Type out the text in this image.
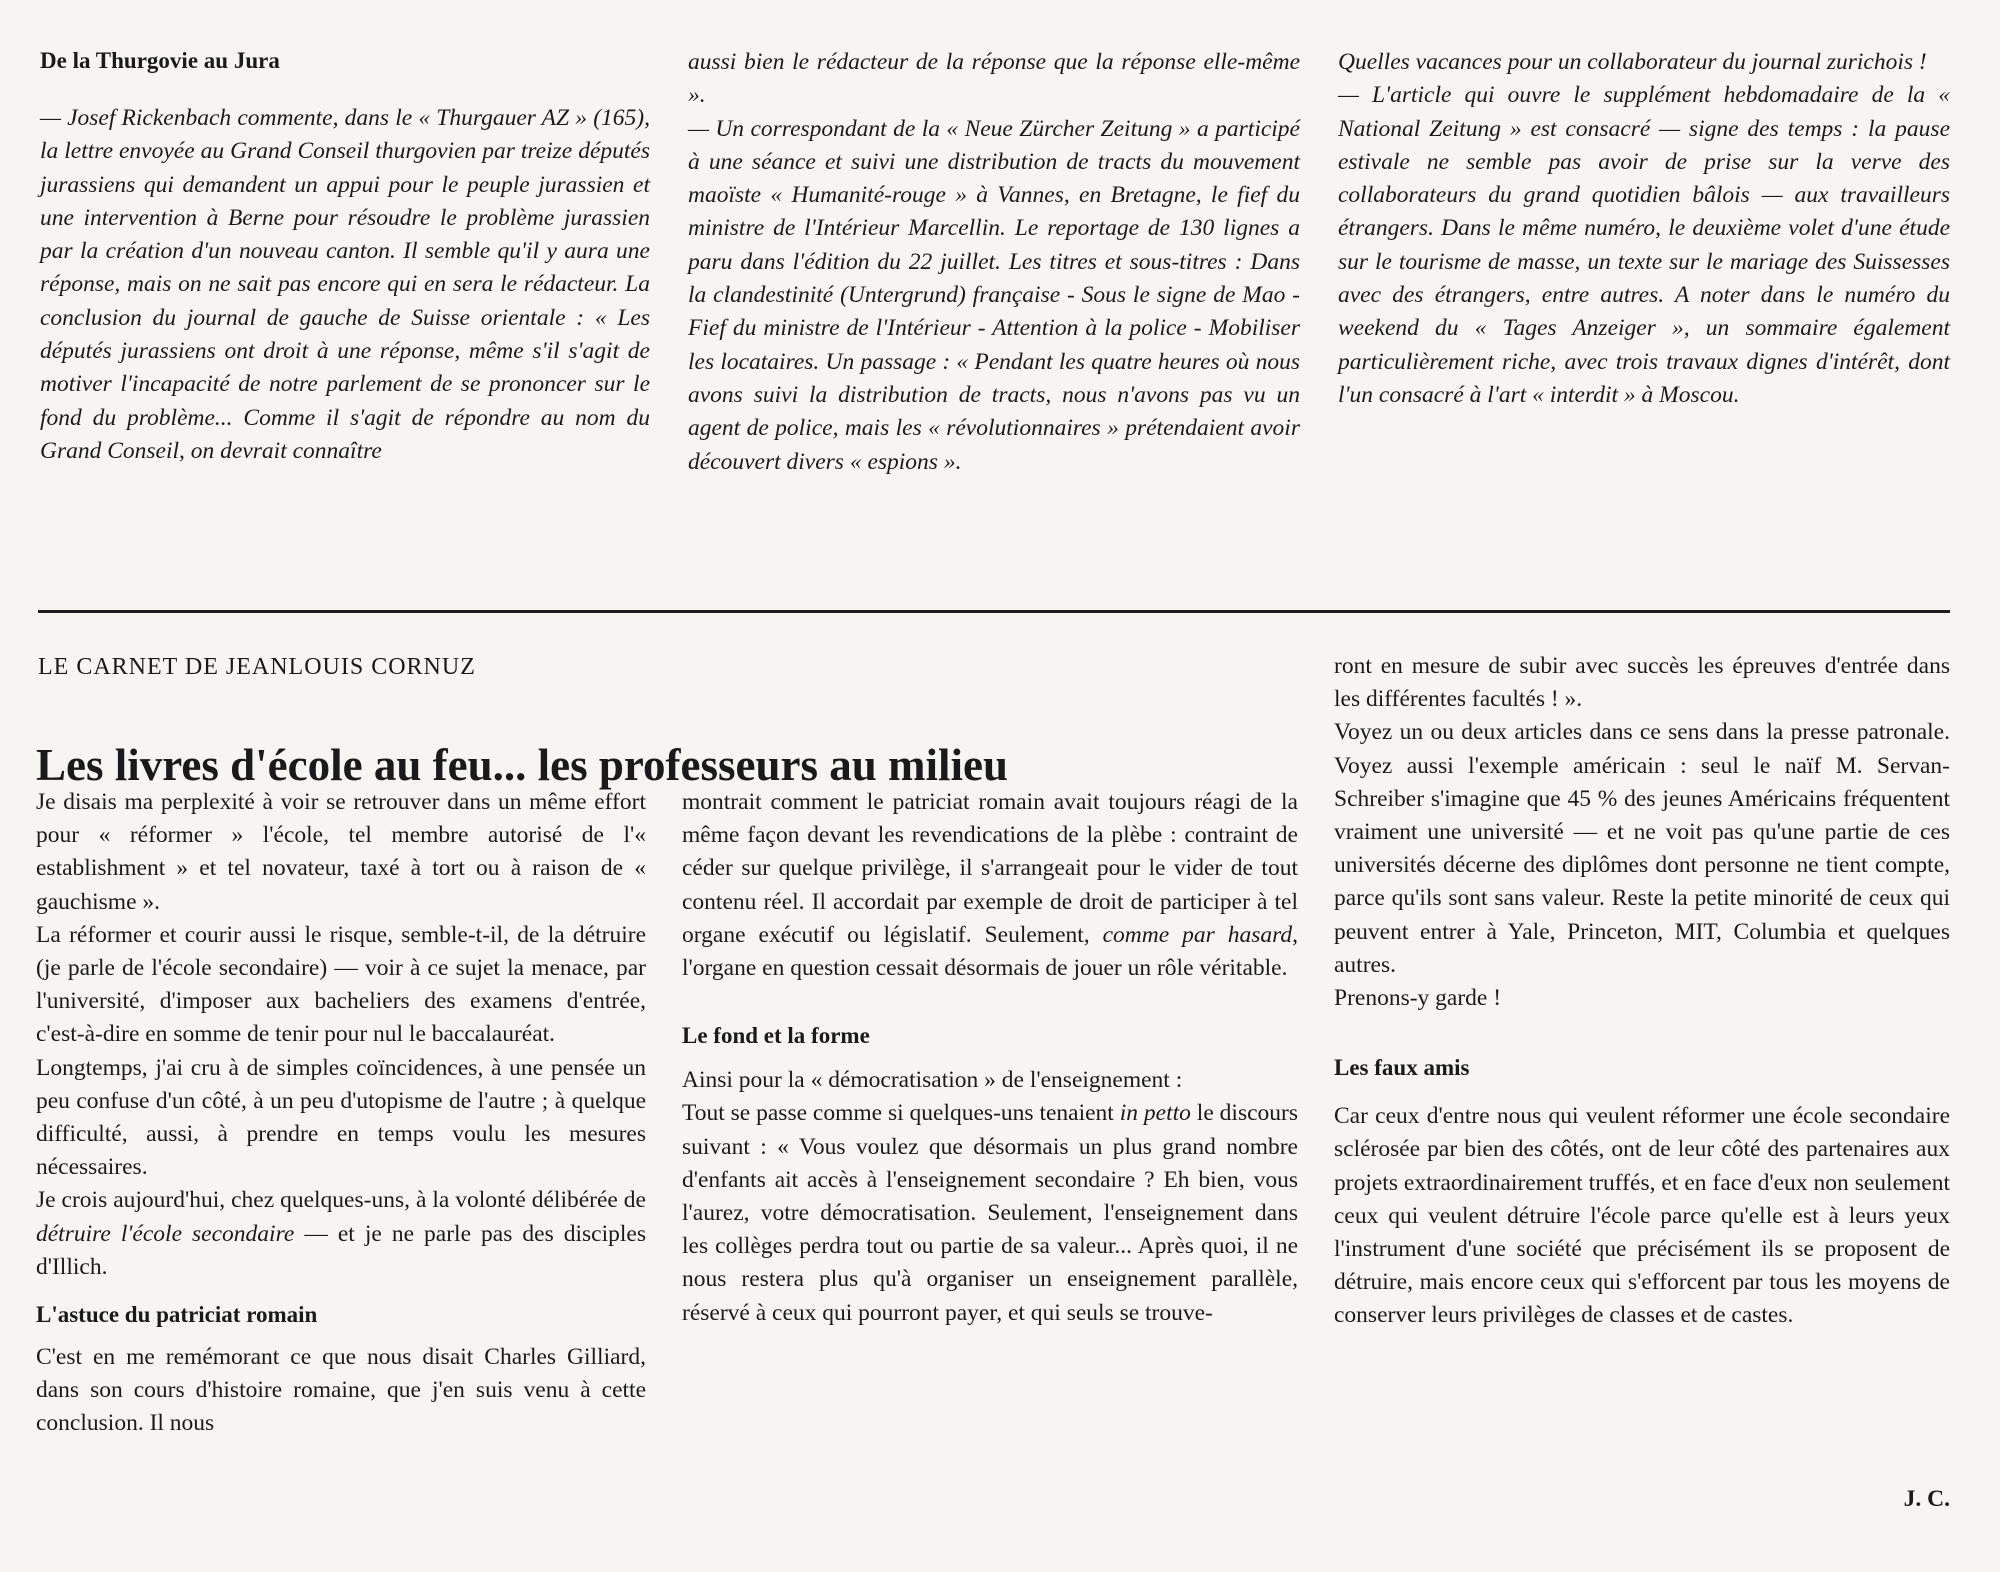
De la Thurgovie au Jura

— Josef Rickenbach commente, dans le « Thurgauer AZ » (165), la lettre envoyée au Grand Conseil thurgovien par treize députés jurassiens qui demandent un appui pour le peuple jurassien et une intervention à Berne pour résoudre le problème jurassien par la création d'un nouveau canton. Il semble qu'il y aura une réponse, mais on ne sait pas encore qui en sera le rédacteur. La conclusion du journal de gauche de Suisse orientale : « Les députés jurassiens ont droit à une réponse, même s'il s'agit de motiver l'incapacité de notre parlement de se prononcer sur le fond du problème... Comme il s'agit de répondre au nom du Grand Conseil, on devrait connaître

aussi bien le rédacteur de la réponse que la réponse elle-même ».

— Un correspondant de la « Neue Zürcher Zeitung » a participé à une séance et suivi une distribution de tracts du mouvement maoïste « Humanité-rouge » à Vannes, en Bretagne, le fief du ministre de l'Intérieur Marcellin. Le reportage de 130 lignes a paru dans l'édition du 22 juillet. Les titres et sous-titres : Dans la clandestinité (Untergrund) française - Sous le signe de Mao - Fief du ministre de l'Intérieur - Attention à la police - Mobiliser les locataires. Un passage : « Pendant les quatre heures où nous avons suivi la distribution de tracts, nous n'avons pas vu un agent de police, mais les « révolutionnaires » prétendaient avoir découvert divers « espions ».

Quelles vacances pour un collaborateur du journal zurichois !

— L'article qui ouvre le supplément hebdomadaire de la « National Zeitung » est consacré — signe des temps : la pause estivale ne semble pas avoir de prise sur la verve des collaborateurs du grand quotidien bâlois — aux travailleurs étrangers. Dans le même numéro, le deuxième volet d'une étude sur le tourisme de masse, un texte sur le mariage des Suissesses avec des étrangers, entre autres. A noter dans le numéro du weekend du « Tages Anzeiger », un sommaire également particulièrement riche, avec trois travaux dignes d'intérêt, dont l'un consacré à l'art « interdit » à Moscou.

LE CARNET DE JEANLOUIS CORNUZ
Les livres d'école au feu... les professeurs au milieu

Je disais ma perplexité à voir se retrouver dans un même effort pour « réformer » l'école, tel membre autorisé de l'« establishment » et tel novateur, taxé à tort ou à raison de « gauchisme ».

La réformer et courir aussi le risque, semble-t-il, de la détruire (je parle de l'école secondaire) — voir à ce sujet la menace, par l'université, d'imposer aux bacheliers des examens d'entrée, c'est-à-dire en somme de tenir pour nul le baccalauréat.

Longtemps, j'ai cru à de simples coïncidences, à une pensée un peu confuse d'un côté, à un peu d'utopisme de l'autre ; à quelque difficulté, aussi, à prendre en temps voulu les mesures nécessaires.

Je crois aujourd'hui, chez quelques-uns, à la volonté délibérée de détruire l'école secondaire — et je ne parle pas des disciples d'Illich.

L'astuce du patriciat romain

C'est en me remémorant ce que nous disait Charles Gilliard, dans son cours d'histoire romaine, que j'en suis venu à cette conclusion. Il nous

montrait comment le patriciat romain avait toujours réagi de la même façon devant les revendications de la plèbe : contraint de céder sur quelque privilège, il s'arrangeait pour le vider de tout contenu réel. Il accordait par exemple de droit de participer à tel organe exécutif ou législatif. Seulement, comme par hasard, l'organe en question cessait désormais de jouer un rôle véritable.

Le fond et la forme

Ainsi pour la « démocratisation » de l'enseignement :

Tout se passe comme si quelques-uns tenaient in petto le discours suivant : « Vous voulez que désormais un plus grand nombre d'enfants ait accès à l'enseignement secondaire ? Eh bien, vous l'aurez, votre démocratisation. Seulement, l'enseignement dans les collèges perdra tout ou partie de sa valeur... Après quoi, il ne nous restera plus qu'à organiser un enseignement parallèle, réservé à ceux qui pourront payer, et qui seuls se trouve-

ront en mesure de subir avec succès les épreuves d'entrée dans les différentes facultés ! ».

Voyez un ou deux articles dans ce sens dans la presse patronale. Voyez aussi l'exemple américain : seul le naïf M. Servan-Schreiber s'imagine que 45 % des jeunes Américains fréquentent vraiment une université — et ne voit pas qu'une partie de ces universités décerne des diplômes dont personne ne tient compte, parce qu'ils sont sans valeur. Reste la petite minorité de ceux qui peuvent entrer à Yale, Princeton, MIT, Columbia et quelques autres.

Prenons-y garde !

Les faux amis

Car ceux d'entre nous qui veulent réformer une école secondaire sclérosée par bien des côtés, ont de leur côté des partenaires aux projets extraordinairement truffés, et en face d'eux non seulement ceux qui veulent détruire l'école parce qu'elle est à leurs yeux l'instrument d'une société que précisément ils se proposent de détruire, mais encore ceux qui s'efforcent par tous les moyens de conserver leurs privilèges de classes et de castes.

J. C.
